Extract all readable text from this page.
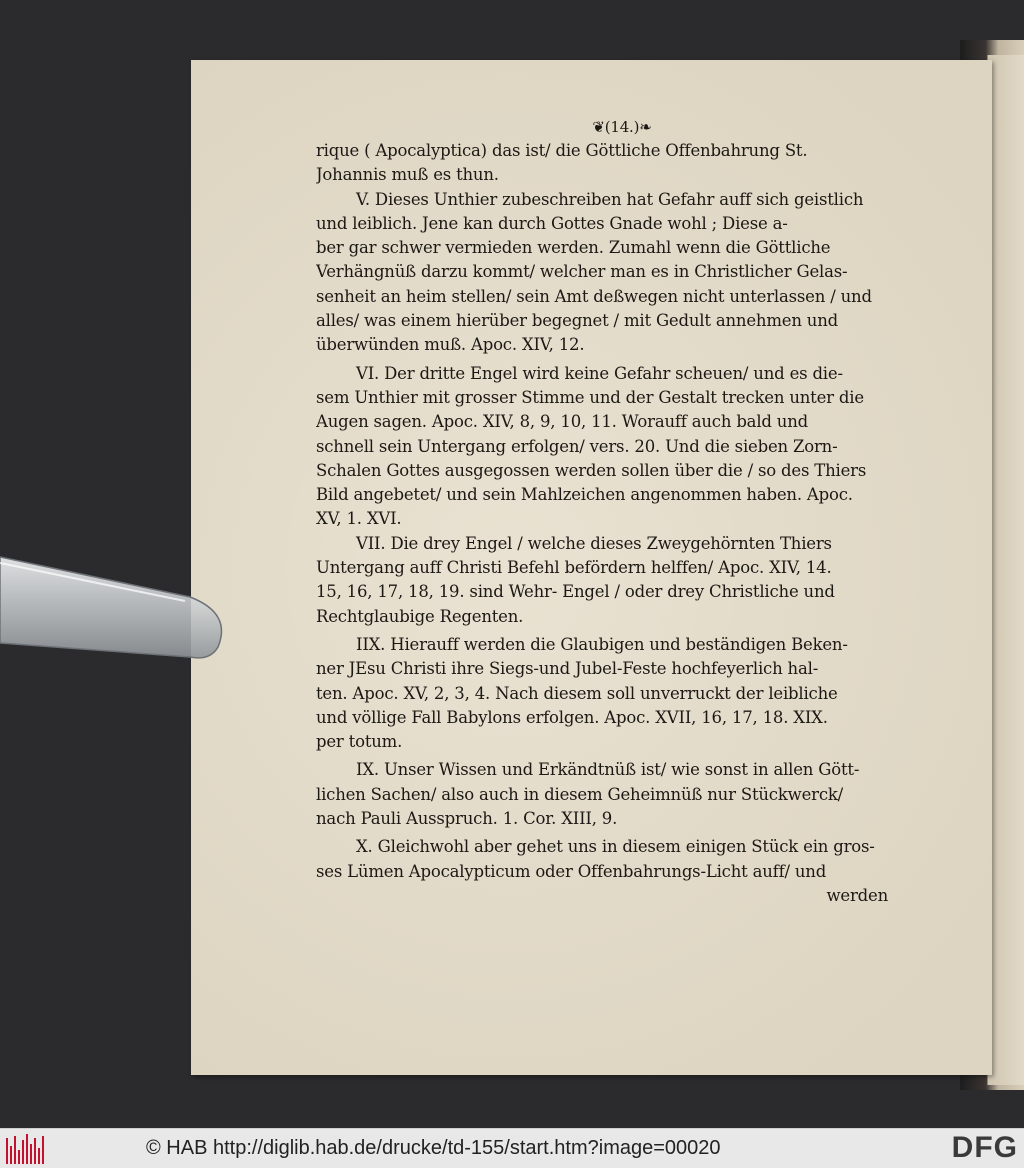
❦(14.)❧
rique ( Apocalyptica) das ist/ die Göttliche Offenbahrung St.
Johannis muß es thun.
V. Dieses Unthier zubeschreiben hat Gefahr auff sich geistlich
und leiblich. Jene kan durch Gottes Gnade wohl ; Diese a-
ber gar schwer vermieden werden. Zumahl wenn die Göttliche
Verhängnüß darzu kommt/ welcher man es in Christlicher Gelas-
senheit an heim stellen/ sein Amt deßwegen nicht unterlassen / und
alles/ was einem hierüber begegnet / mit Gedult annehmen und
überwünden muß. Apoc. XIV, 12.
VI. Der dritte Engel wird keine Gefahr scheuen/ und es die-
sem Unthier mit grosser Stimme und der Gestalt trecken unter die
Augen sagen. Apoc. XIV, 8, 9, 10, 11. Worauff auch bald und
schnell sein Untergang erfolgen/ vers. 20. Und die sieben Zorn-
Schalen Gottes ausgegossen werden sollen über die / so des Thiers
Bild angebetet/ und sein Mahlzeichen angenommen haben. Apoc.
XV, 1. XVI.
VII. Die drey Engel / welche dieses Zweygehörnten Thiers
Untergang auff Christi Befehl befördern helffen/ Apoc. XIV, 14.
15, 16, 17, 18, 19. sind Wehr- Engel / oder drey Christliche und
Rechtglaubige Regenten.
IIX. Hierauff werden die Glaubigen und beständigen Beken-
ner JEsu Christi ihre Siegs-und Jubel-Feste hochfeyerlich hal-
ten. Apoc. XV, 2, 3, 4. Nach diesem soll unverruckt der leibliche
und völlige Fall Babylons erfolgen. Apoc. XVII, 16, 17, 18. XIX.
per totum.
IX. Unser Wissen und Erkändtnüß ist/ wie sonst in allen Gött-
lichen Sachen/ also auch in diesem Geheimnüß nur Stückwerck/
nach Pauli Ausspruch. 1. Cor. XIII, 9.
X. Gleichwohl aber gehet uns in diesem einigen Stück ein gros-
ses Lümen Apocalypticum oder Offenbahrungs-Licht auff/ und
werden
© HAB http://diglib.hab.de/drucke/td-155/start.htm?image=00020	DFG
